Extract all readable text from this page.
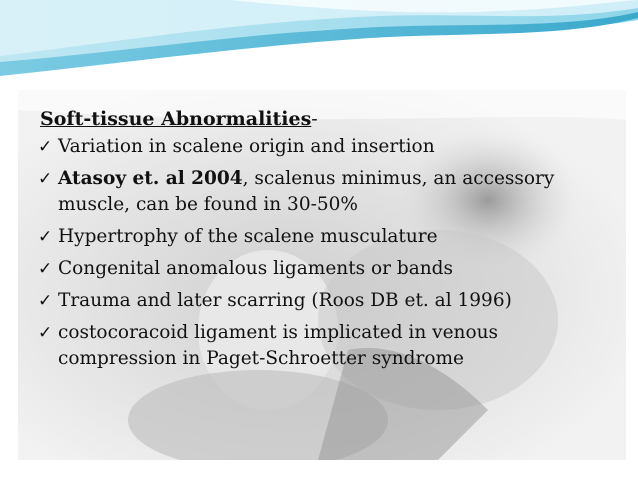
Soft-tissue Abnormalities-
✓ Variation in scalene origin and insertion
✓ Atasoy et. al 2004, scalenus minimus, an accessory muscle, can be found in 30-50%
✓ Hypertrophy of the scalene musculature
✓ Congenital anomalous ligaments or bands
✓ Trauma and later scarring (Roos DB et. al 1996)
✓ costocoracoid ligament is implicated in venous compression in Paget-Schroetter syndrome
